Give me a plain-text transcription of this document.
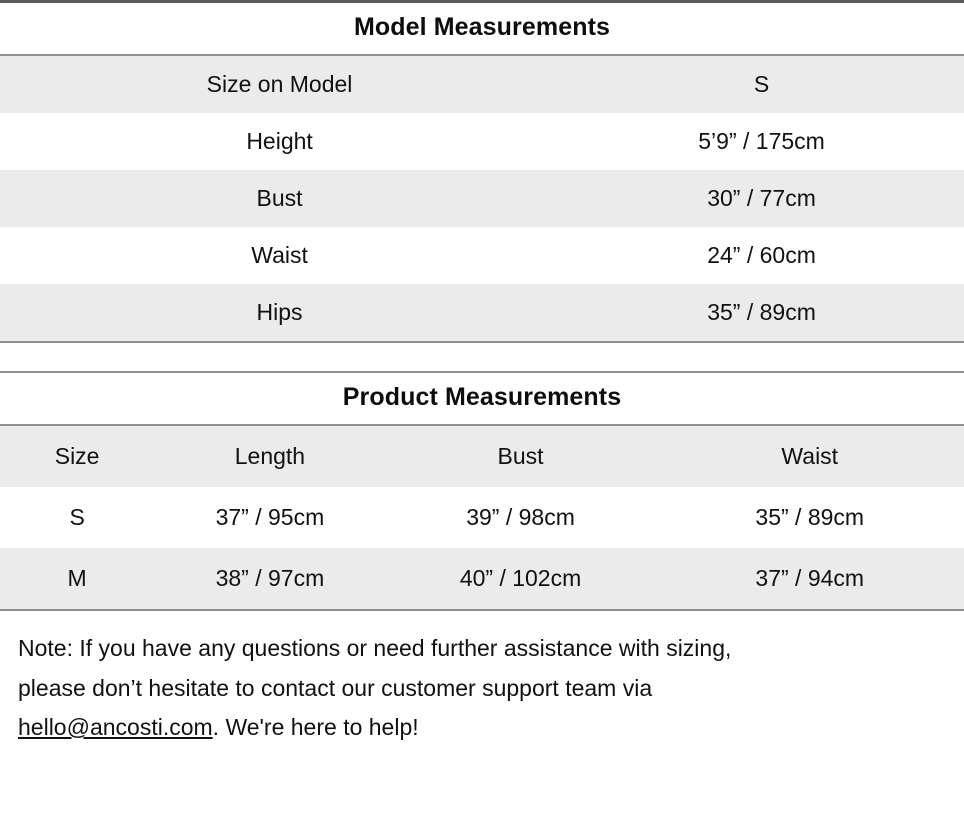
Model Measurements
Size on Model	S
Height	5’9” / 175cm
Bust	30” / 77cm
Waist	24” / 60cm
Hips	35” / 89cm
Product Measurements
Size	Length	Bust	Waist
S	37” / 95cm	39” / 98cm	35” / 89cm
M	38” / 97cm	40” / 102cm	37” / 94cm
Note: If you have any questions or need further assistance with sizing,
please don’t hesitate to contact our customer support team via
hello@ancosti.com. We're here to help!
